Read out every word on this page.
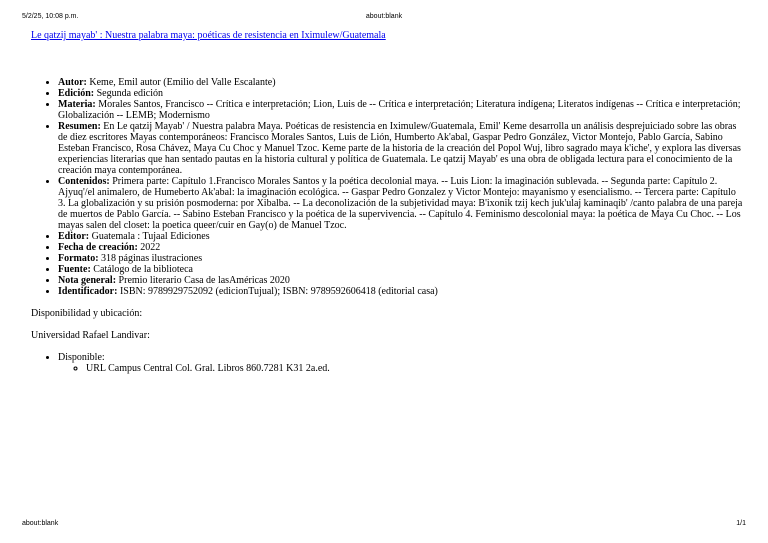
5/2/25, 10:08 p.m.	about:blank
Le qatzij mayab' : Nuestra palabra maya: poéticas de resistencia en Iximulew/Guatemala
• Autor: Keme, Emil autor (Emilio del Valle Escalante)
• Edición: Segunda edición
• Materia: Morales Santos, Francisco -- Crítica e interpretación; Lion, Luis de -- Crítica e interpretación; Literatura indígena; Literatos indígenas -- Crítica e interpretación; Globalización -- LEMB; Modernismo
• Resumen: En Le qatzij Mayab' / Nuestra palabra Maya. Poéticas de resistencia en Iximulew/Guatemala, Emil' Keme desarrolla un análisis desprejuiciado sobre las obras de diez escritores Mayas contemporáneos: Francisco Morales Santos, Luis de Lión, Humberto Ak'abal, Gaspar Pedro González, Victor Montejo, Pablo García, Sabino Esteban Francisco, Rosa Chávez, Maya Cu Choc y Manuel Tzoc. Keme parte de la historia de la creación del Popol Wuj, libro sagrado maya k'iche', y explora las diversas experiencias literarias que han sentado pautas en la historia cultural y política de Guatemala. Le qatzij Mayab' es una obra de obligada lectura para el conocimiento de la creación maya contemporánea.
• Contenidos: Primera parte: Capítulo 1.Francisco Morales Santos y la poética decolonial maya. -- Luis Lion: la imaginación sublevada. -- Segunda parte: Capítulo 2. Ajyuq'/el animalero, de Humeberto Ak'abal: la imaginación ecológica. -- Gaspar Pedro Gonzalez y Victor Montejo: mayanismo y esencialismo. -- Tercera parte: Capítulo 3. La globalización y su prisión posmoderna: por Xibalba. -- La deconolización de la subjetividad maya: B'ixonik tzij kech juk'ulaj kaminaqib' /canto palabra de una pareja de muertos de Pablo García. -- Sabino Esteban Francisco y la poética de la supervivencia. -- Capítulo 4. Feminismo descolonial maya: la poética de Maya Cu Choc. -- Los mayas salen del closet: la poetica queer/cuir en Gay(o) de Manuel Tzoc.
• Editor: Guatemala : Tujaal Ediciones
• Fecha de creación: 2022
• Formato: 318 páginas ilustraciones
• Fuente: Catálogo de la biblioteca
• Nota general: Premio literario Casa de lasAméricas 2020
• Identificador: ISBN: 9789929752092 (edicionTujual); ISBN: 9789592606418 (editorial casa)

Disponibilidad y ubicación:

Universidad Rafael Landivar:

• Disponible:
◦ URL Campus Central Col. Gral. Libros 860.7281 K31 2a.ed.
about:blank	1/1
